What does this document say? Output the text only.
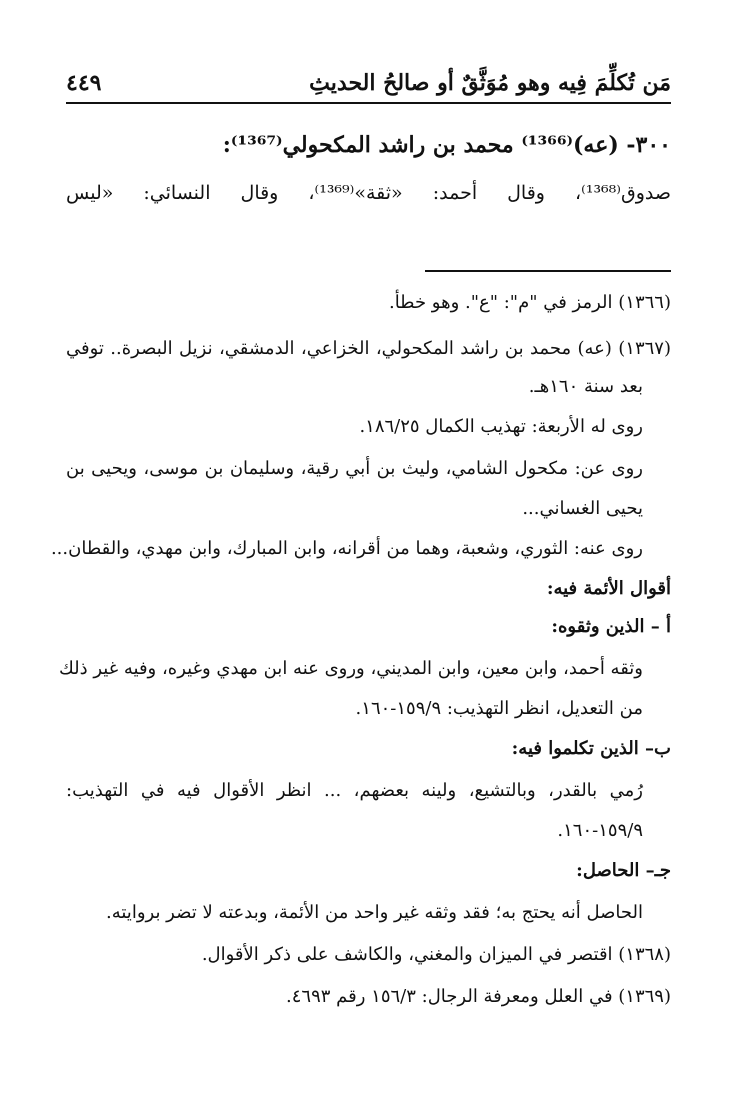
مَن تُكلِّمَ فِيه وهو مُوَثَّقٌ أو صالحُ الحديثِ
٤٤٩
٣٠٠- (عه)⁽¹³⁶⁶⁾ محمد بن راشد المكحولي⁽¹³⁶⁷⁾:
صدوق⁽¹³⁶⁸⁾، وقال أحمد: «ثقة»⁽¹³⁶⁹⁾، وقال النسائي: «ليس
(١٣٦٦) الرمز في "م": "ع". وهو خطأ.
(١٣٦٧) (عه) محمد بن راشد المكحولي، الخزاعي، الدمشقي، نزيل البصرة.. توفي
بعد سنة ١٦٠هـ.
روى له الأربعة: تهذيب الكمال ١٨٦/٢٥.
روى عن: مكحول الشامي، وليث بن أبي رقية، وسليمان بن موسى، ويحيى بن
يحيى الغساني...
روى عنه: الثوري، وشعبة، وهما من أقرانه، وابن المبارك، وابن مهدي، والقطان...
أقوال الأئمة فيه:
أ – الذين وثقوه:
وثقه أحمد، وابن معين، وابن المديني، وروى عنه ابن مهدي وغيره، وفيه غير ذلك
من التعديل، انظر التهذيب: ١٥٩/٩-١٦٠.
ب– الذين تكلموا فيه:
رُمي بالقدر، وبالتشيع، ولينه بعضهم، ... انظر الأقوال فيه في التهذيب:
١٥٩/٩-١٦٠.
جـ– الحاصل:
الحاصل أنه يحتج به؛ فقد وثقه غير واحد من الأئمة، وبدعته لا تضر بروايته.
(١٣٦٨) اقتصر في الميزان والمغني، والكاشف على ذكر الأقوال.
(١٣٦٩) في العلل ومعرفة الرجال: ١٥٦/٣ رقم ٤٦٩٣.
